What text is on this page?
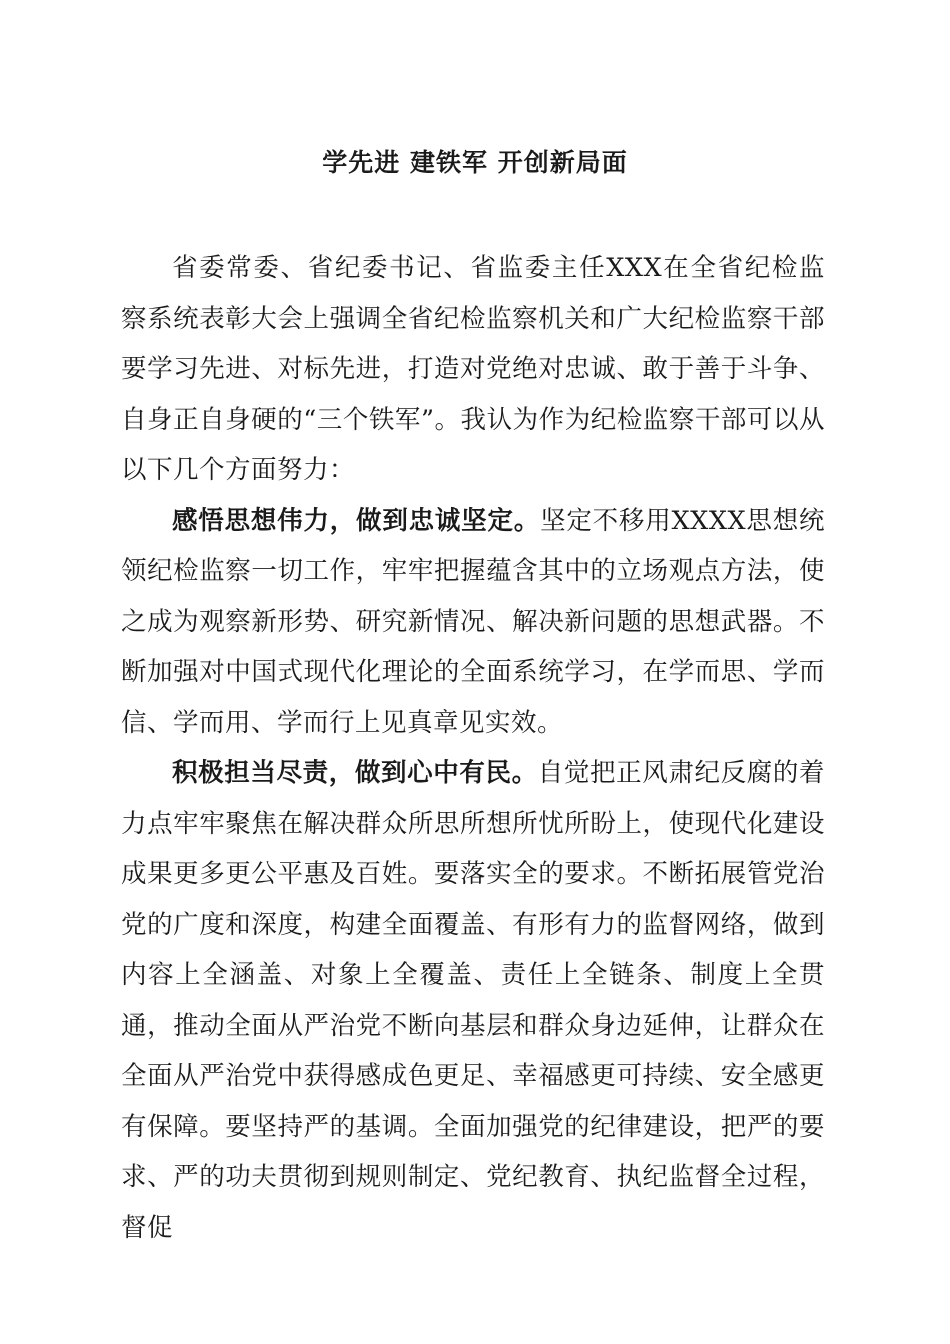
学先进 建铁军 开创新局面

省委常委、省纪委书记、省监委主任XXX在全省纪检监察系统表彰大会上强调全省纪检监察机关和广大纪检监察干部要学习先进、对标先进，打造对党绝对忠诚、敢于善于斗争、自身正自身硬的“三个铁军”。我认为作为纪检监察干部可以从以下几个方面努力：

感悟思想伟力，做到忠诚坚定。坚定不移用XXXX思想统领纪检监察一切工作，牢牢把握蕴含其中的立场观点方法，使之成为观察新形势、研究新情况、解决新问题的思想武器。不断加强对中国式现代化理论的全面系统学习，在学而思、学而信、学而用、学而行上见真章见实效。

积极担当尽责，做到心中有民。自觉把正风肃纪反腐的着力点牢牢聚焦在解决群众所思所想所忧所盼上，使现代化建设成果更多更公平惠及百姓。要落实全的要求。不断拓展管党治党的广度和深度，构建全面覆盖、有形有力的监督网络，做到内容上全涵盖、对象上全覆盖、责任上全链条、制度上全贯通，推动全面从严治党不断向基层和群众身边延伸，让群众在全面从严治党中获得感成色更足、幸福感更可持续、安全感更有保障。要坚持严的基调。全面加强党的纪律建设，把严的要求、严的功夫贯彻到规则制定、党纪教育、执纪监督全过程，督促
